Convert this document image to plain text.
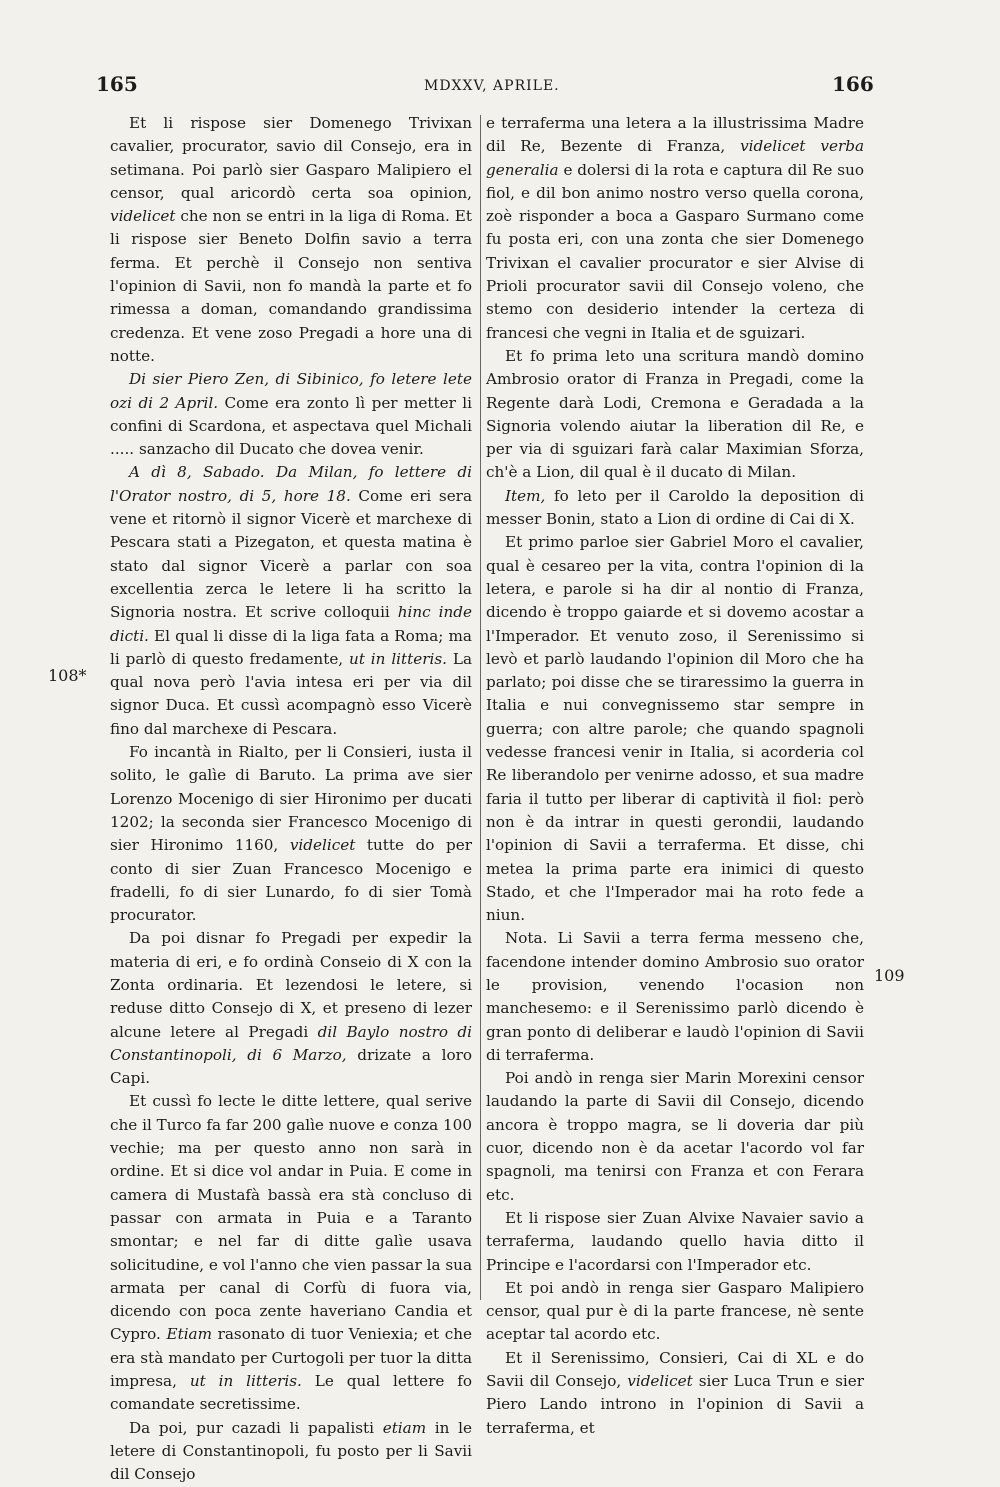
165	MDXXV, APRILE.	166
108*
109

Et li rispose sier Domenego Trivixan cavalier, procurator, savio dil Consejo, era in setimana. Poi parlò sier Gasparo Malipiero el censor, qual aricordò certa soa opinion, videlicet che non se entri in la liga di Roma. Et li rispose sier Beneto Dolfin savio a terra ferma. Et perchè il Consejo non sentiva l'opinion di Savii, non fo mandà la parte et fo rimessa a doman, comandando grandissima credenza. Et vene zoso Pregadi a hore una di notte.

Di sier Piero Zen, di Sibinico, fo letere lete ozi di 2 April. Come era zonto lì per metter li confini di Scardona, et aspectava quel Michali ..... sanzacho dil Ducato che dovea venir.

A dì 8, Sabado. Da Milan, fo lettere di l'Orator nostro, di 5, hore 18. Come eri sera vene et ritornò il signor Vicerè et marchexe di Pescara stati a Pizegaton, et questa matina è stato dal signor Vicerè a parlar con soa excellentia zerca le letere li ha scritto la Signoria nostra. Et scrive colloquii hinc inde dicti. El qual li disse di la liga fata a Roma; ma li parlò di questo fredamente, ut in litteris. La qual nova però l'avia intesa eri per via dil signor Duca. Et cussì acompagnò esso Vicerè fino dal marchexe di Pescara.

Fo incantà in Rialto, per li Consieri, iusta il solito, le galìe di Baruto. La prima ave sier Lorenzo Mocenigo di sier Hironimo per ducati 1202; la seconda sier Francesco Mocenigo di sier Hironimo 1160, videlicet tutte do per conto di sier Zuan Francesco Mocenigo e fradelli, fo di sier Lunardo, fo di sier Tomà procurator.

Da poi disnar fo Pregadi per expedir la materia di eri, e fo ordinà Conseio di X con la Zonta ordinaria. Et lezendosi le letere, si reduse ditto Consejo di X, et preseno di lezer alcune letere al Pregadi dil Baylo nostro di Constantinopoli, di 6 Marzo, drizate a loro Capi.

Et cussì fo lecte le ditte lettere, qual serive che il Turco fa far 200 galìe nuove e conza 100 vechie; ma per questo anno non sarà in ordine. Et si dice vol andar in Puia. E come in camera di Mustafà bassà era stà concluso di passar con armata in Puia e a Taranto smontar; e nel far di ditte galìe usava solicitudine, e vol l'anno che vien passar la sua armata per canal di Corfù di fuora via, dicendo con poca zente haveriano Candia et Cypro. Etiam rasonato di tuor Veniexia; et che era stà mandato per Curtogoli per tuor la ditta impresa, ut in litteris. Le qual lettere fo comandate secretissime.

Da poi, pur cazadi li papalisti etiam in le letere di Constantinopoli, fu posto per li Savii dil Consejo

e terraferma una letera a la illustrissima Madre dil Re, Bezente di Franza, videlicet verba generalia e dolersi di la rota e captura dil Re suo fiol, e dil bon animo nostro verso quella corona, zoè risponder a boca a Gasparo Surmano come fu posta eri, con una zonta che sier Domenego Trivixan el cavalier procurator e sier Alvise di Prioli procurator savii dil Consejo voleno, che stemo con desiderio intender la certeza di francesi che vegni in Italia et de sguizari.

Et fo prima leto una scritura mandò domino Ambrosio orator di Franza in Pregadi, come la Regente darà Lodi, Cremona e Geradada a la Signoria volendo aiutar la liberation dil Re, e per via di sguizari farà calar Maximian Sforza, ch'è a Lion, dil qual è il ducato di Milan.

Item, fo leto per il Caroldo la deposition di messer Bonin, stato a Lion di ordine di Cai di X.

Et primo parloe sier Gabriel Moro el cavalier, qual è cesareo per la vita, contra l'opinion di la letera, e parole si ha dir al nontio di Franza, dicendo è troppo gaiarde et si dovemo acostar a l'Imperador. Et venuto zoso, il Serenissimo si levò et parlò laudando l'opinion dil Moro che ha parlato; poi disse che se tiraressimo la guerra in Italia e nui convegnissemo star sempre in guerra; con altre parole; che quando spagnoli vedesse francesi venir in Italia, si acorderia col Re liberandolo per venirne adosso, et sua madre faria il tutto per liberar di captività il fiol: però non è da intrar in questi gerondii, laudando l'opinion di Savii a terraferma. Et disse, chi metea la prima parte era inimici di questo Stado, et che l'Imperador mai ha roto fede a niun.

Nota. Li Savii a terra ferma messeno che, facendone intender domino Ambrosio suo orator le provision, venendo l'ocasion non manchesemo: e il Serenissimo parlò dicendo è gran ponto di deliberar e laudò l'opinion di Savii di terraferma.

Poi andò in renga sier Marin Morexini censor laudando la parte di Savii dil Consejo, dicendo ancora è troppo magra, se li doveria dar più cuor, dicendo non è da acetar l'acordo vol far spagnoli, ma tenirsi con Franza et con Ferara etc.

Et li rispose sier Zuan Alvixe Navaier savio a terraferma, laudando quello havia ditto il Principe e l'acordarsi con l'Imperador etc.

Et poi andò in renga sier Gasparo Malipiero censor, qual pur è di la parte francese, nè sente aceptar tal acordo etc.

Et il Serenissimo, Consieri, Cai di XL e do Savii dil Consejo, videlicet sier Luca Trun e sier Piero Lando introno in l'opinion di Savii a terraferma, et
